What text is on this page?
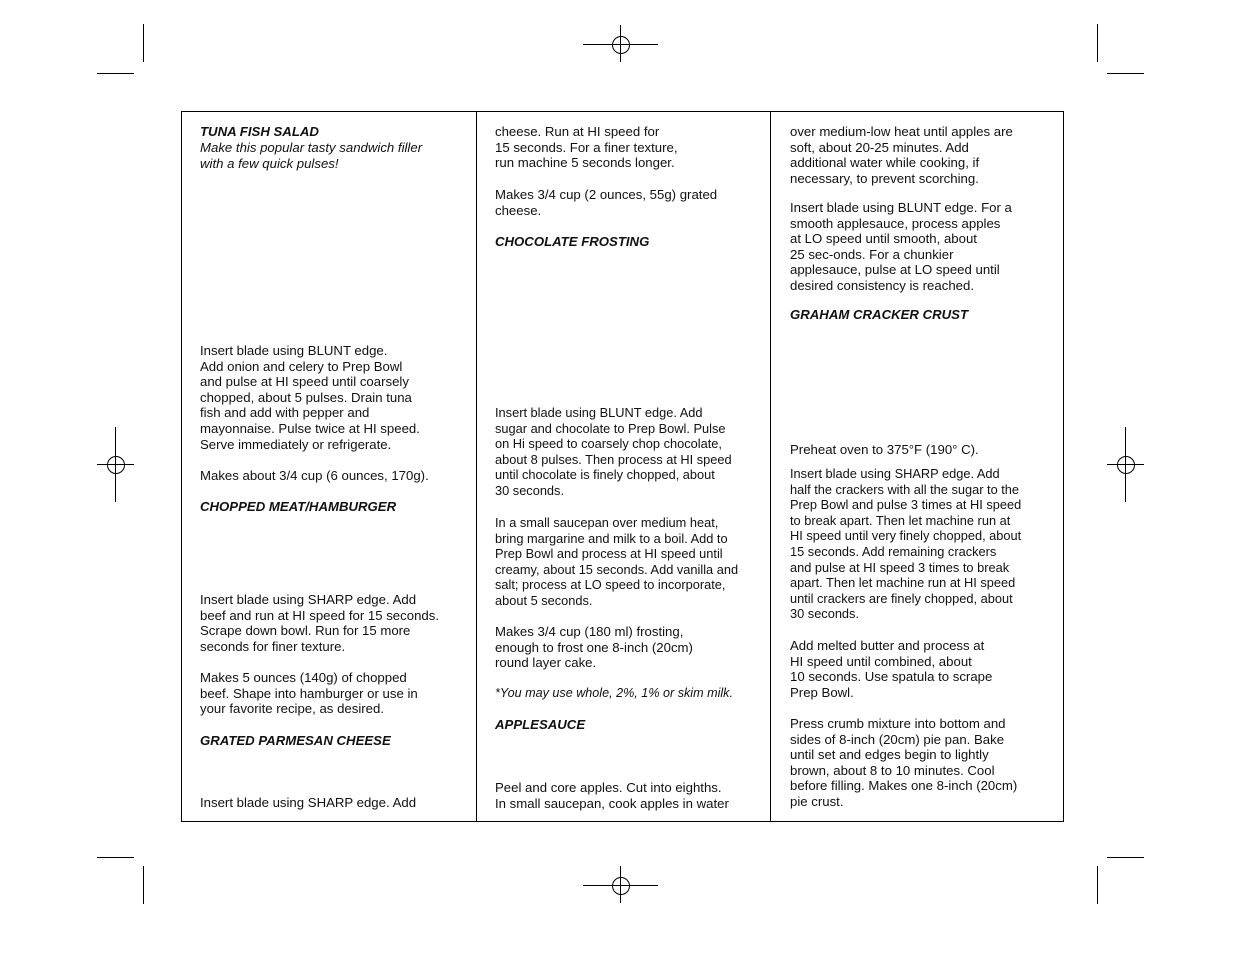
TUNA FISH SALAD

Make this popular tasty sandwich filler
with a few quick pulses!

Insert blade using BLUNT edge.
Add onion and celery to Prep Bowl
and pulse at HI speed until coarsely
chopped, about 5 pulses. Drain tuna
fish and add with pepper and
mayonnaise. Pulse twice at HI speed.
Serve immediately or refrigerate.

Makes about 3/4 cup (6 ounces, 170g).

CHOPPED MEAT/HAMBURGER

Insert blade using SHARP edge. Add
beef and run at HI speed for 15 seconds.
Scrape down bowl. Run for 15 more
seconds for finer texture.

Makes 5 ounces (140g) of chopped
beef. Shape into hamburger or use in
your favorite recipe, as desired.

GRATED PARMESAN CHEESE

Insert blade using SHARP edge. Add

cheese. Run at HI speed for
15 seconds. For a finer texture,
run machine 5 seconds longer.

Makes 3/4 cup (2 ounces, 55g) grated
cheese.

CHOCOLATE FROSTING

Insert blade using BLUNT edge. Add
sugar and chocolate to Prep Bowl. Pulse
on Hi speed to coarsely chop chocolate,
about 8 pulses. Then process at HI speed
until chocolate is finely chopped, about
30 seconds.

In a small saucepan over medium heat,
bring margarine and milk to a boil. Add to
Prep Bowl and process at HI speed until
creamy, about 15 seconds. Add vanilla and
salt; process at LO speed to incorporate,
about 5 seconds.

Makes 3/4 cup (180 ml) frosting,
enough to frost one 8-inch (20cm)
round layer cake.

*You may use whole, 2%, 1% or skim milk.

APPLESAUCE

Peel and core apples. Cut into eighths.
In small saucepan, cook apples in water

over medium-low heat until apples are
soft, about 20-25 minutes. Add
additional water while cooking, if
necessary, to prevent scorching.

Insert blade using BLUNT edge. For a
smooth applesauce, process apples
at LO speed until smooth, about
25 sec-onds. For a chunkier
applesauce, pulse at LO speed until
desired consistency is reached.

GRAHAM CRACKER CRUST

Preheat oven to 375°F (190° C).

Insert blade using SHARP edge. Add
half the crackers with all the sugar to the
Prep Bowl and pulse 3 times at HI speed
to break apart. Then let machine run at
HI speed until very finely chopped, about
15 seconds. Add remaining crackers
and pulse at HI speed 3 times to break
apart. Then let machine run at HI speed
until crackers are finely chopped, about
30 seconds.

Add melted butter and process at
HI speed until combined, about
10 seconds. Use spatula to scrape
Prep Bowl.

Press crumb mixture into bottom and
sides of 8-inch (20cm) pie pan. Bake
until set and edges begin to lightly
brown, about 8 to 10 minutes. Cool
before filling. Makes one 8-inch (20cm)
pie crust.
